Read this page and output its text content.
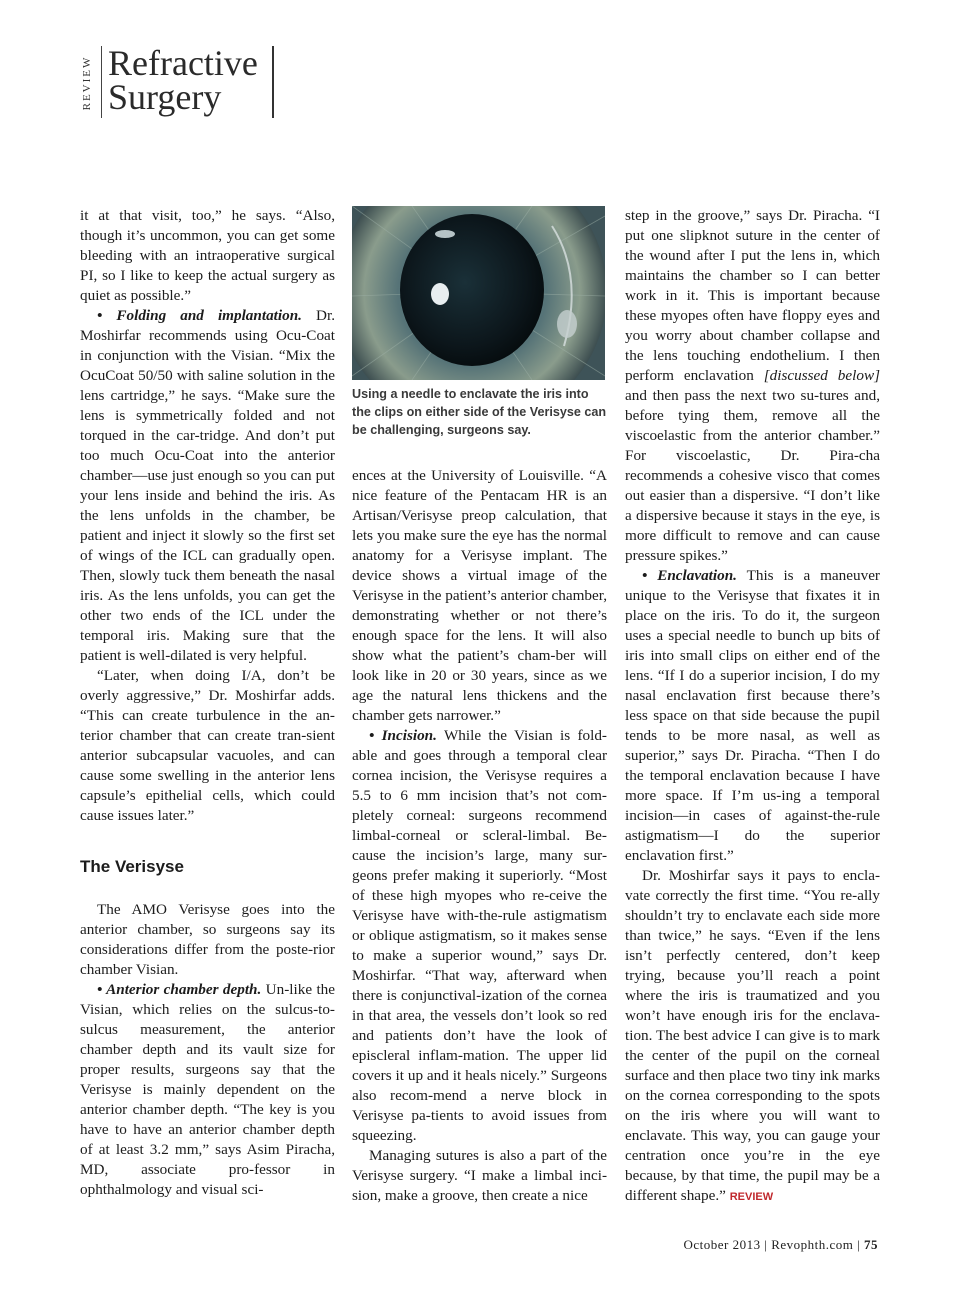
REVIEW Refractive
Surgery

it at that visit, too,” he says. “Also, though it’s uncommon, you can get some bleeding with an intraoperative surgical PI, so I like to keep the actual surgery as quiet as possible.”

• Folding and implantation. Dr. Moshirfar recommends using Ocu-Coat in conjunction with the Visian. “Mix the OcuCoat 50/50 with saline solution in the lens cartridge,” he says. “Make sure the lens is symmetrically folded and not torqued in the car-tridge. And don’t put too much Ocu-Coat into the anterior chamber—use just enough so you can put your lens inside and behind the iris. As the lens unfolds in the chamber, be patient and inject it slowly so the first set of wings of the ICL can gradually open. Then, slowly tuck them beneath the nasal iris. As the lens unfolds, you can get the other two ends of the ICL under the temporal iris. Making sure that the patient is well-dilated is very helpful.

“Later, when doing I/A, don’t be overly aggressive,” Dr. Moshirfar adds. “This can create turbulence in the an-terior chamber that can create tran-sient anterior subcapsular vacuoles, and can cause some swelling in the anterior lens capsule’s epithelial cells, which could cause issues later.”

The Verisyse

The AMO Verisyse goes into the anterior chamber, so surgeons say its considerations differ from the poste-rior chamber Visian.

• Anterior chamber depth. Un-like the Visian, which relies on the sulcus-to-sulcus measurement, the anterior chamber depth and its vault size for proper results, surgeons say that the Verisyse is mainly dependent on the anterior chamber depth. “The key is you have to have an anterior chamber depth of at least 3.2 mm,” says Asim Piracha, MD, associate pro-fessor in ophthalmology and visual sci-

Using a needle to enclavate the iris into the clips on either side of the Verisyse can be challenging, surgeons say.

ences at the University of Louisville. “A nice feature of the Pentacam HR is an Artisan/Verisyse preop calculation, that lets you make sure the eye has the normal anatomy for a Verisyse implant. The device shows a virtual image of the Verisyse in the patient’s anterior chamber, demonstrating whether or not there’s enough space for the lens. It will also show what the patient’s cham-ber will look like in 20 or 30 years, since as we age the natural lens thickens and the chamber gets narrower.”

• Incision. While the Visian is fold-able and goes through a temporal clear cornea incision, the Verisyse requires a 5.5 to 6 mm incision that’s not com-pletely corneal: surgeons recommend limbal-corneal or scleral-limbal. Be-cause the incision’s large, many sur-geons prefer making it superiorly. “Most of these high myopes who re-ceive the Verisyse have with-the-rule astigmatism or oblique astigmatism, so it makes sense to make a superior wound,” says Dr. Moshirfar. “That way, afterward when there is conjunctival-ization of the cornea in that area, the vessels don’t look so red and patients don’t have the look of episcleral inflam-mation. The upper lid covers it up and it heals nicely.” Surgeons also recom-mend a nerve block in Verisyse pa-tients to avoid issues from squeezing.

Managing sutures is also a part of the Verisyse surgery. “I make a limbal inci-sion, make a groove, then create a nice

step in the groove,” says Dr. Piracha. “I put one slipknot suture in the center of the wound after I put the lens in, which maintains the chamber so I can better work in it. This is important because these myopes often have floppy eyes and you worry about chamber collapse and the lens touching endothelium. I then perform enclavation [discussed below] and then pass the next two su-tures and, before tying them, remove all the viscoelastic from the anterior chamber.” For viscoelastic, Dr. Pira-cha recommends a cohesive visco that comes out easier than a dispersive. “I don’t like a dispersive because it stays in the eye, is more difficult to remove and can cause pressure spikes.”

• Enclavation. This is a maneuver unique to the Verisyse that fixates it in place on the iris. To do it, the surgeon uses a special needle to bunch up bits of iris into small clips on either end of the lens. “If I do a superior incision, I do my nasal enclavation first because there’s less space on that side because the pupil tends to be more nasal, as well as superior,” says Dr. Piracha. “Then I do the temporal enclavation because I have more space. If I’m us-ing a temporal incision—in cases of against-the-rule astigmatism—I do the superior enclavation first.”

Dr. Moshirfar says it pays to encla-vate correctly the first time. “You re-ally shouldn’t try to enclavate each side more than twice,” he says. “Even if the lens isn’t perfectly centered, don’t keep trying, because you’ll reach a point where the iris is traumatized and you won’t have enough iris for the enclava-tion. The best advice I can give is to mark the center of the pupil on the corneal surface and then place two tiny ink marks on the cornea corresponding to the spots on the iris where you will want to enclavate. This way, you can gauge your centration once you’re in the eye because, by that time, the pupil may be a different shape.” REVIEW

October 2013 | Revophth.com | 75
